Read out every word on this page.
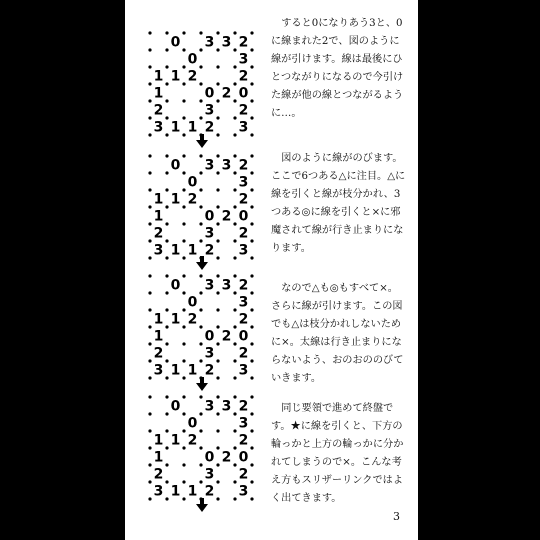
0 3 3 2
0	3
1 1 2	2
1	0 2 0
2	3 2
3 1 1 2 3

すると0になりあう3と、0に線まれた2で、図のように線が引けます。線は最後にひとつながりになるので今引けた線が他の線とつながるように…。

0 3 3 2
0	3
1 1 2	2
1	0 2 0
2	3 2
3 1 1 2 3

図のように線がのびます。ここで6つある△に注目。△に線を引くと線が枝分かれ、3つある◎に線を引くと×に邪魔されて線が行き止まりになります。

0 3 3 2
0	3
1 1 2	2
1	0 2 0
2	3 2
3 1 1 2 3

なので△も◎もすべて×。さらに線が引けます。この図でも△は枝分かれしないために×。太線は行き止まりにならないよう、おのおののびていきます。

0 3 3 2
0	3
1 1 2	2
1	0 2 0
2	3 2
3 1 1 2 3

同じ要領で進めて終盤です。★に線を引くと、下方の輪っかと上方の輪っかに分かれてしまうので×。こんな考え方もスリザーリンクではよく出てきます。

3
